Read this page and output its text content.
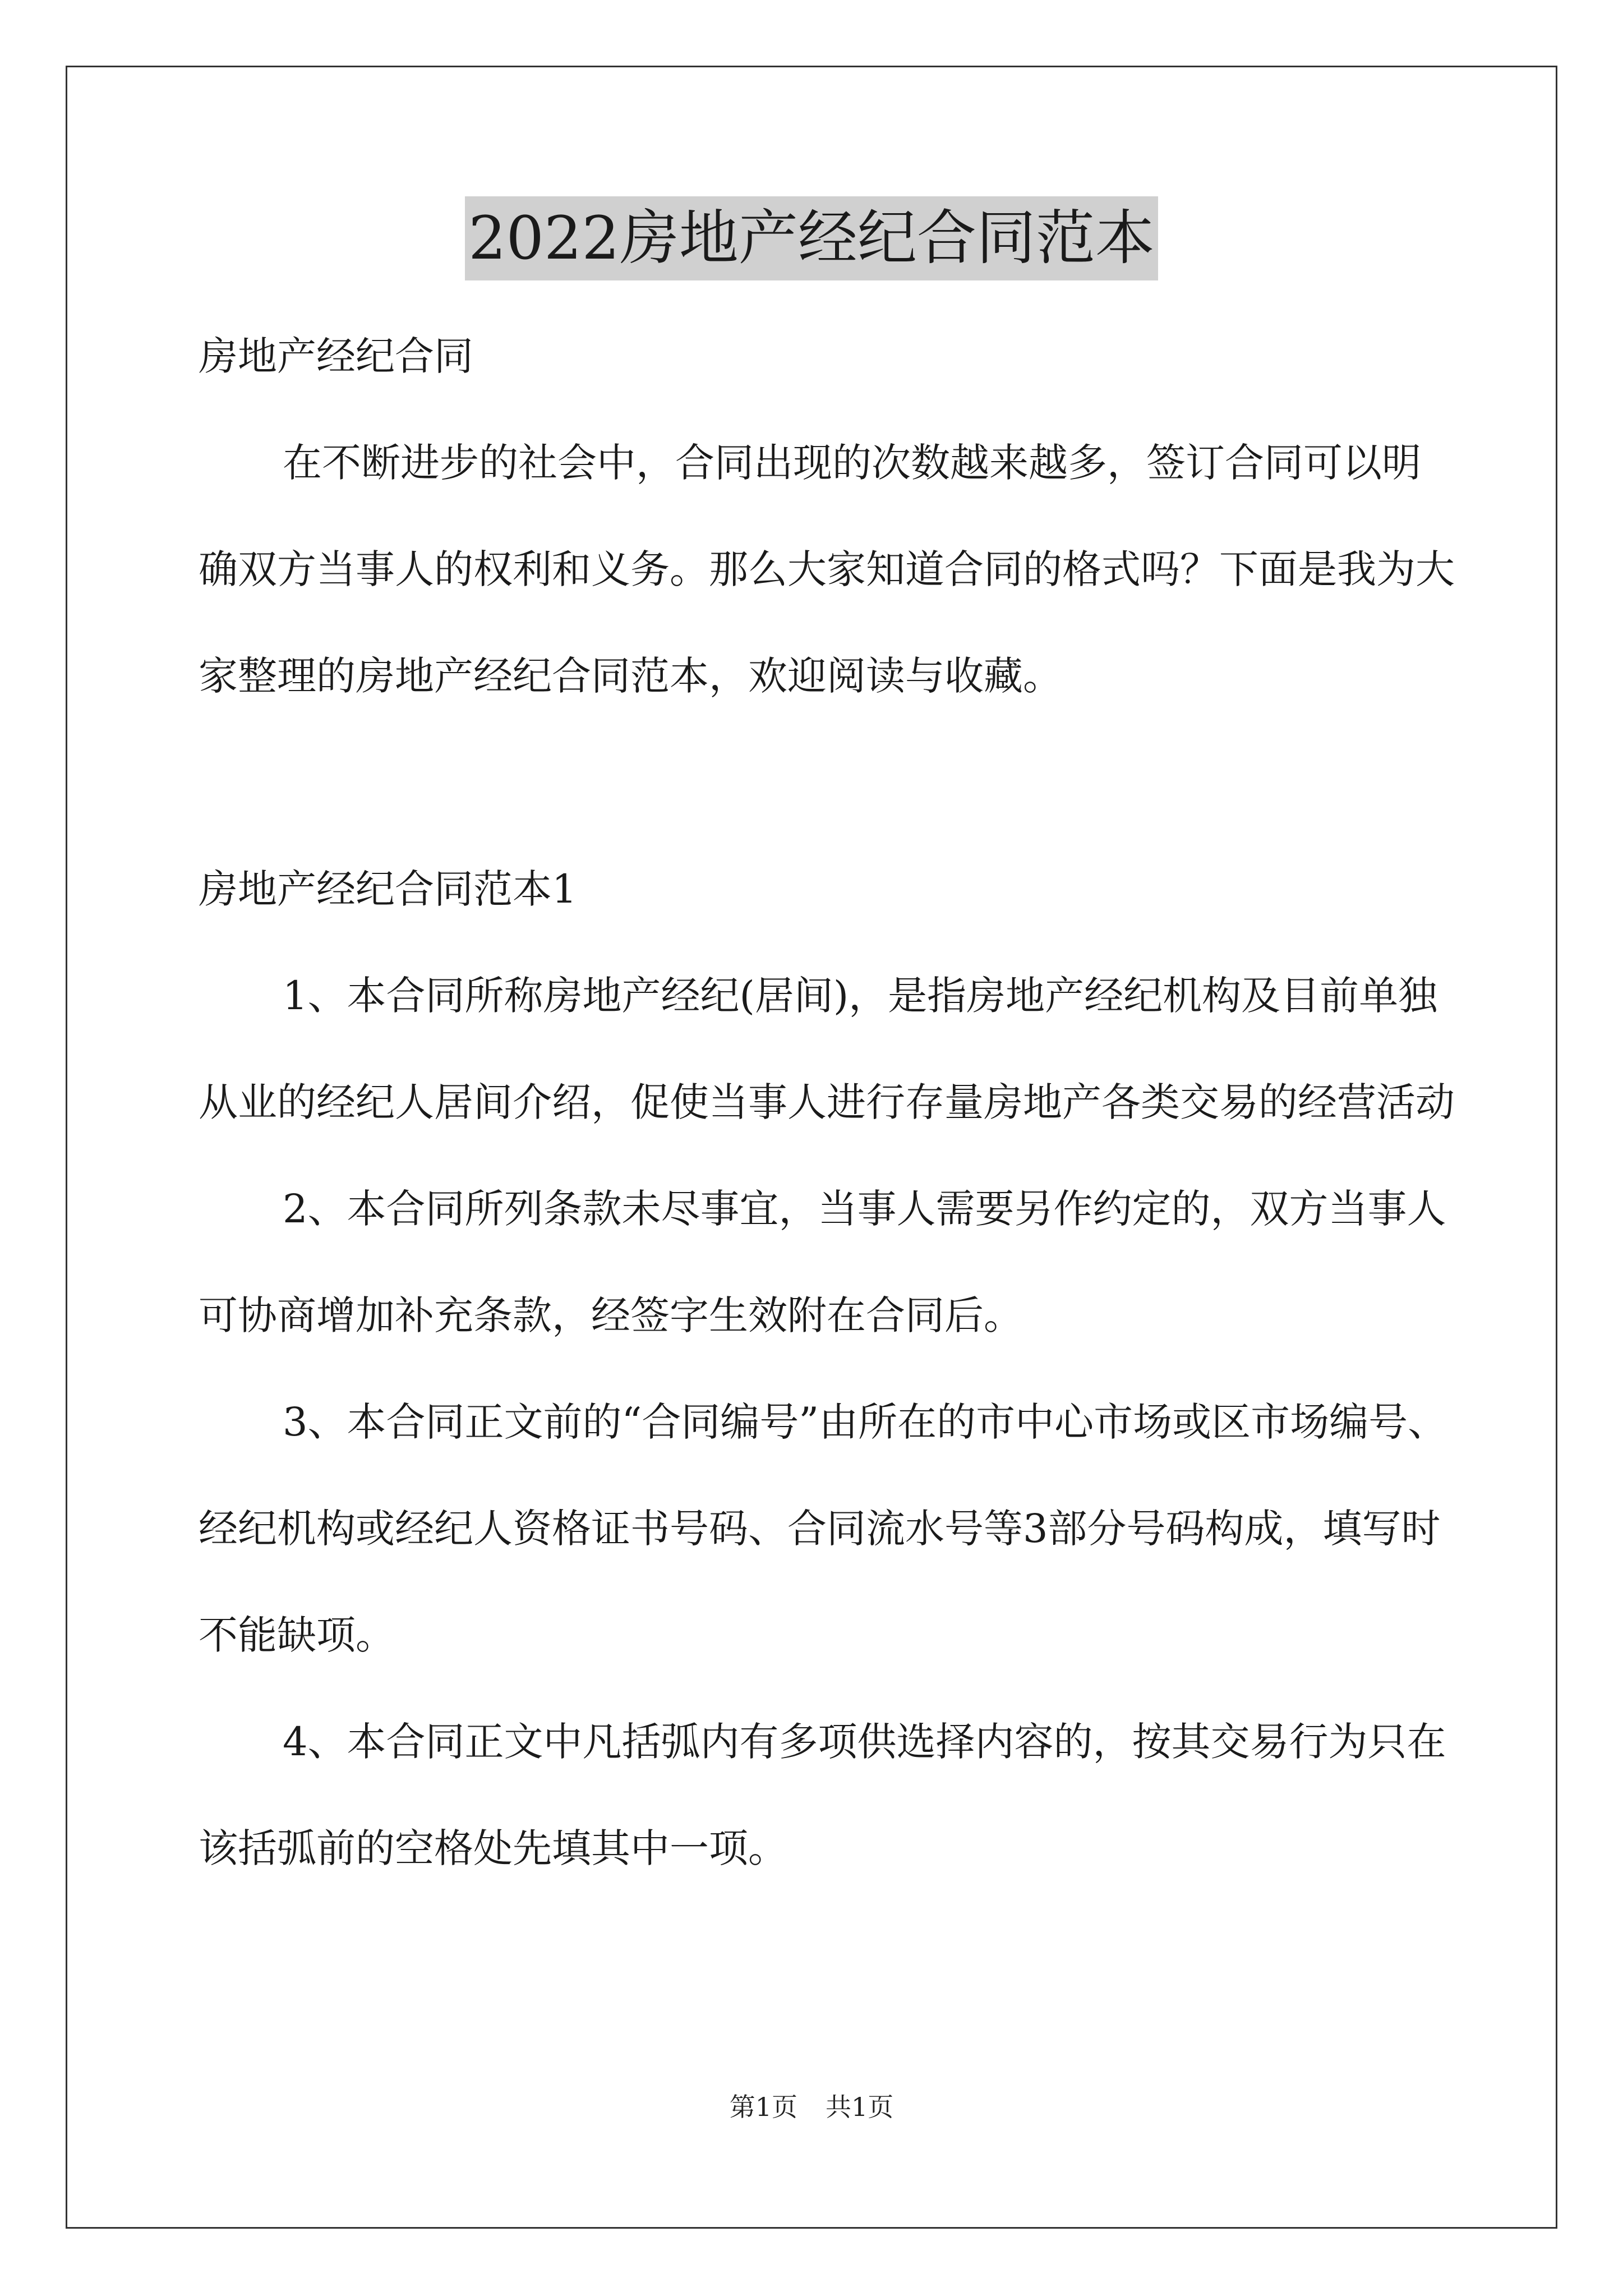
2022房地产经纪合同范本

房地产经纪合同

在不断进步的社会中，合同出现的次数越来越多，签订合同可以明确双方当事人的权利和义务。那么大家知道合同的格式吗？下面是我为大家整理的房地产经纪合同范本，欢迎阅读与收藏。

房地产经纪合同范本1

1、本合同所称房地产经纪(居间)，是指房地产经纪机构及目前单独从业的经纪人居间介绍，促使当事人进行存量房地产各类交易的经营活动

2、本合同所列条款未尽事宜，当事人需要另作约定的，双方当事人可协商增加补充条款，经签字生效附在合同后。

3、本合同正文前的“合同编号”由所在的市中心市场或区市场编号、经纪机构或经纪人资格证书号码、合同流水号等3部分号码构成，填写时不能缺项。

4、本合同正文中凡括弧内有多项供选择内容的，按其交易行为只在该括弧前的空格处先填其中一项。

第1页 共1页
